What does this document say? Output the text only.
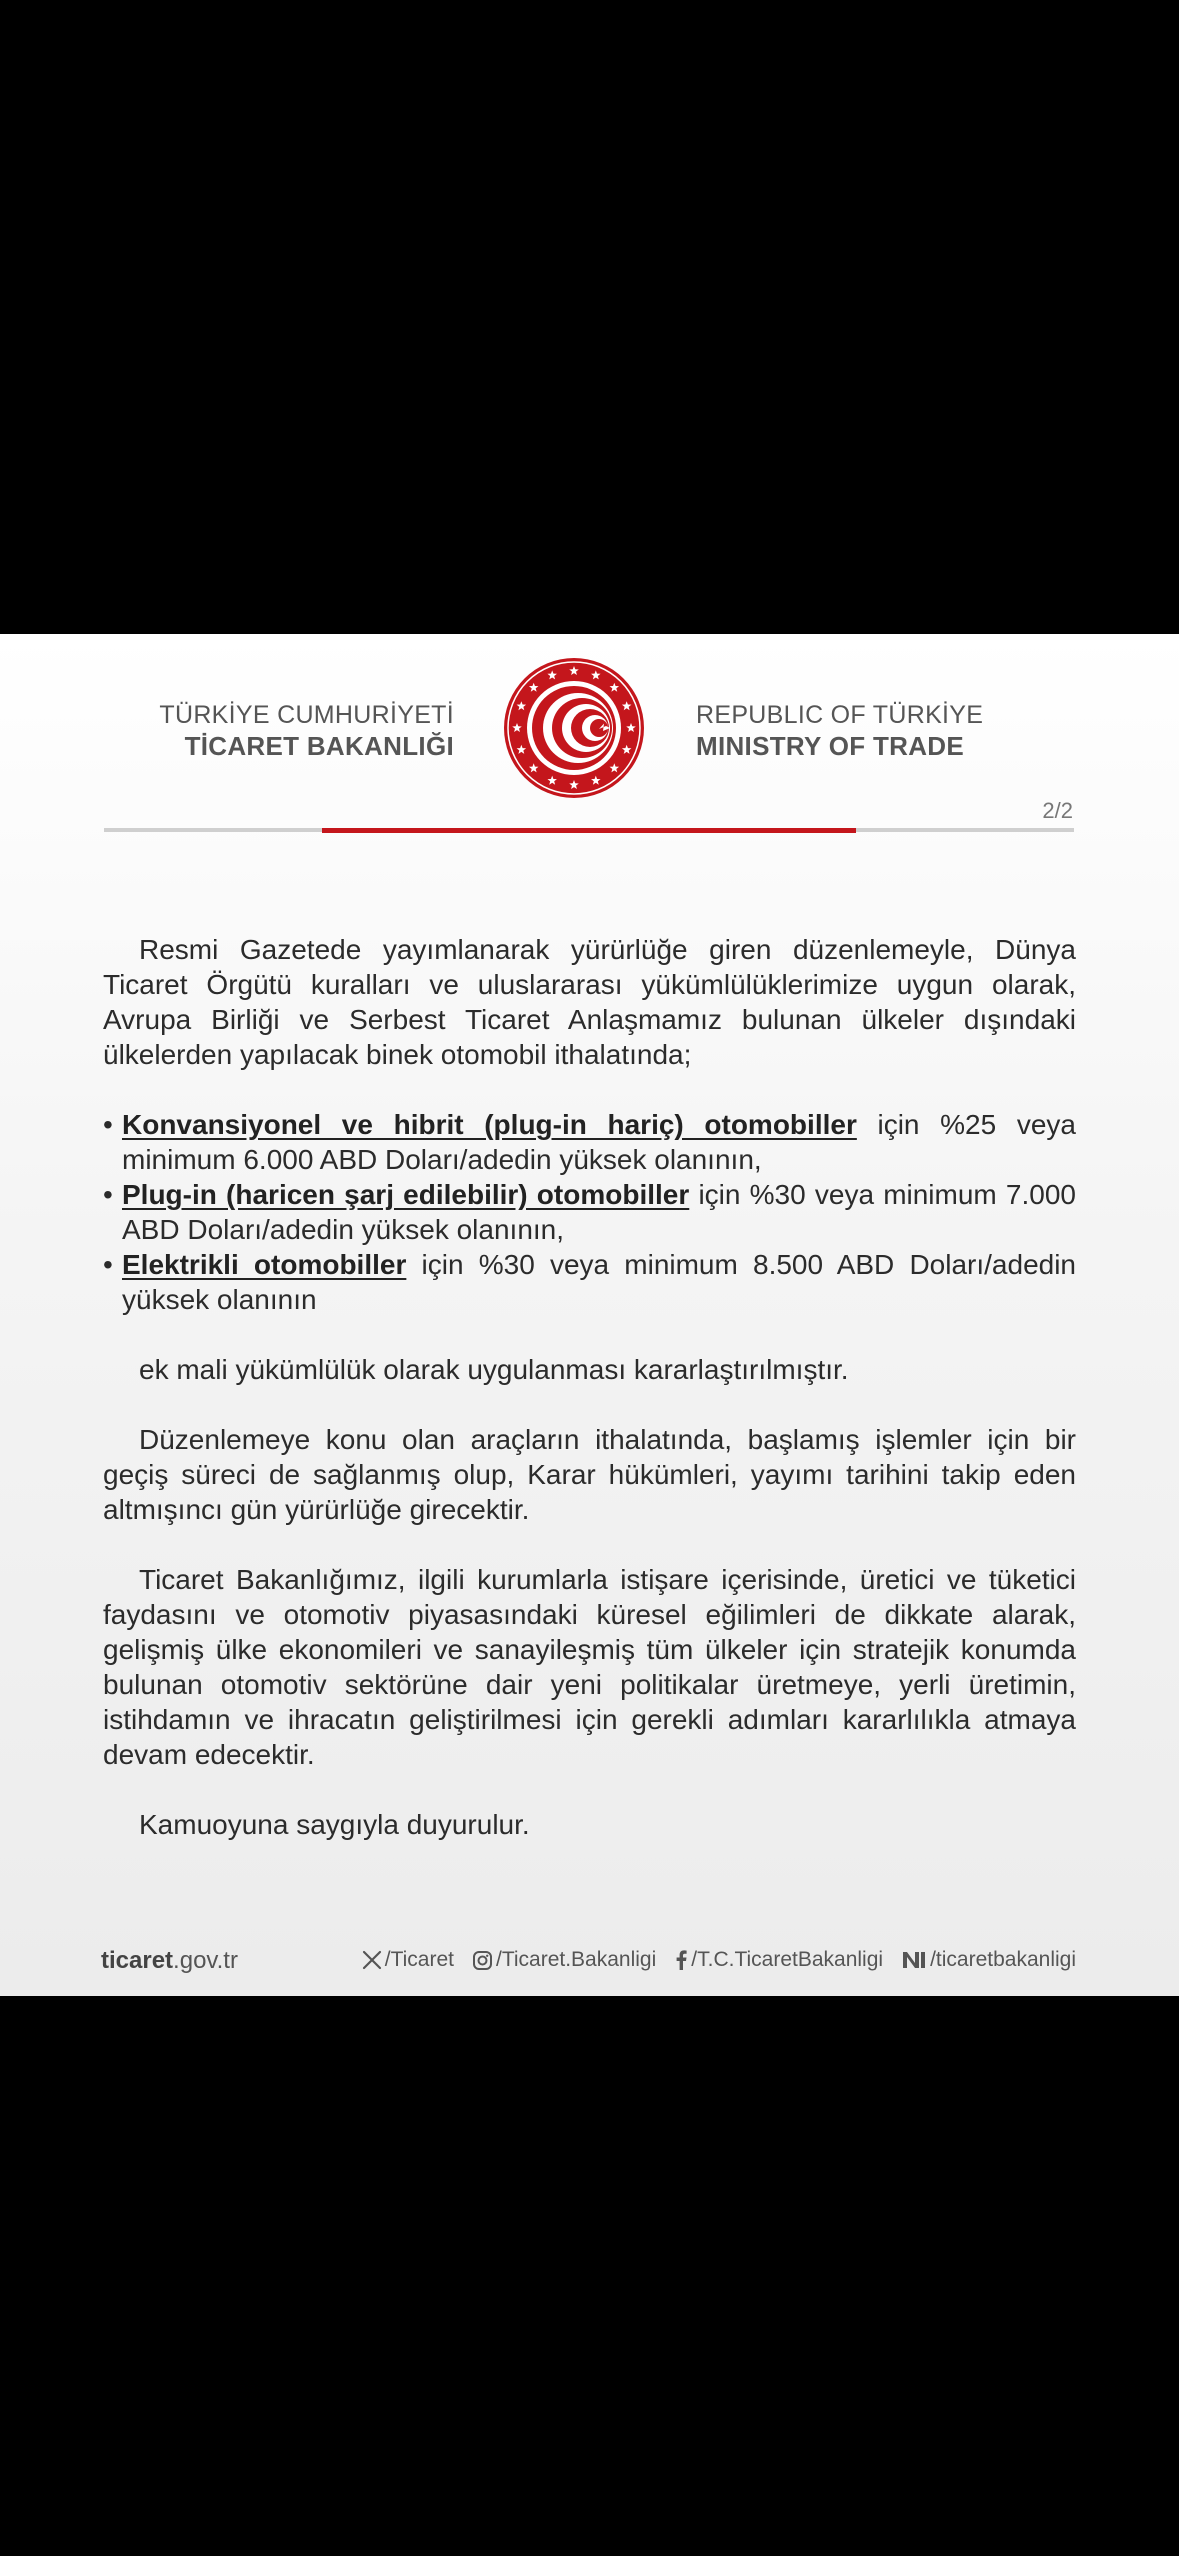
TÜRKİYE CUMHURİYETİ
TİCARET BAKANLIĞI
REPUBLIC OF TÜRKİYE
MINISTRY OF TRADE
2/2

Resmi Gazetede yayımlanarak yürürlüğe giren düzenlemeyle, Dünya Ticaret Örgütü kuralları ve uluslararası yükümlülüklerimize uygun olarak, Avrupa Birliği ve Serbest Ticaret Anlaşmamız bulunan ülkeler dışındaki ülkelerden yapılacak binek otomobil ithalatında;

• Konvansiyonel ve hibrit (plug-in hariç) otomobiller için %25 veya minimum 6.000 ABD Doları/adedin yüksek olanının,
• Plug-in (haricen şarj edilebilir) otomobiller için %30 veya minimum 7.000 ABD Doları/adedin yüksek olanının,
• Elektrikli otomobiller için %30 veya minimum 8.500 ABD Doları/adedin yüksek olanının

ek mali yükümlülük olarak uygulanması kararlaştırılmıştır.

Düzenlemeye konu olan araçların ithalatında, başlamış işlemler için bir geçiş süreci de sağlanmış olup, Karar hükümleri, yayımı tarihini takip eden altmışıncı gün yürürlüğe girecektir.

Ticaret Bakanlığımız, ilgili kurumlarla istişare içerisinde, üretici ve tüketici faydasını ve otomotiv piyasasındaki küresel eğilimleri de dikkate alarak, gelişmiş ülke ekonomileri ve sanayileşmiş tüm ülkeler için stratejik konumda bulunan otomotiv sektörüne dair yeni politikalar üretmeye, yerli üretimin, istihdamın ve ihracatın geliştirilmesi için gerekli adımları kararlılıkla atmaya devam edecektir.

Kamuoyuna saygıyla duyurulur.

ticaret.gov.tr	/Ticaret /Ticaret.Bakanligi /T.C.TicaretBakanligi /ticaretbakanligi
